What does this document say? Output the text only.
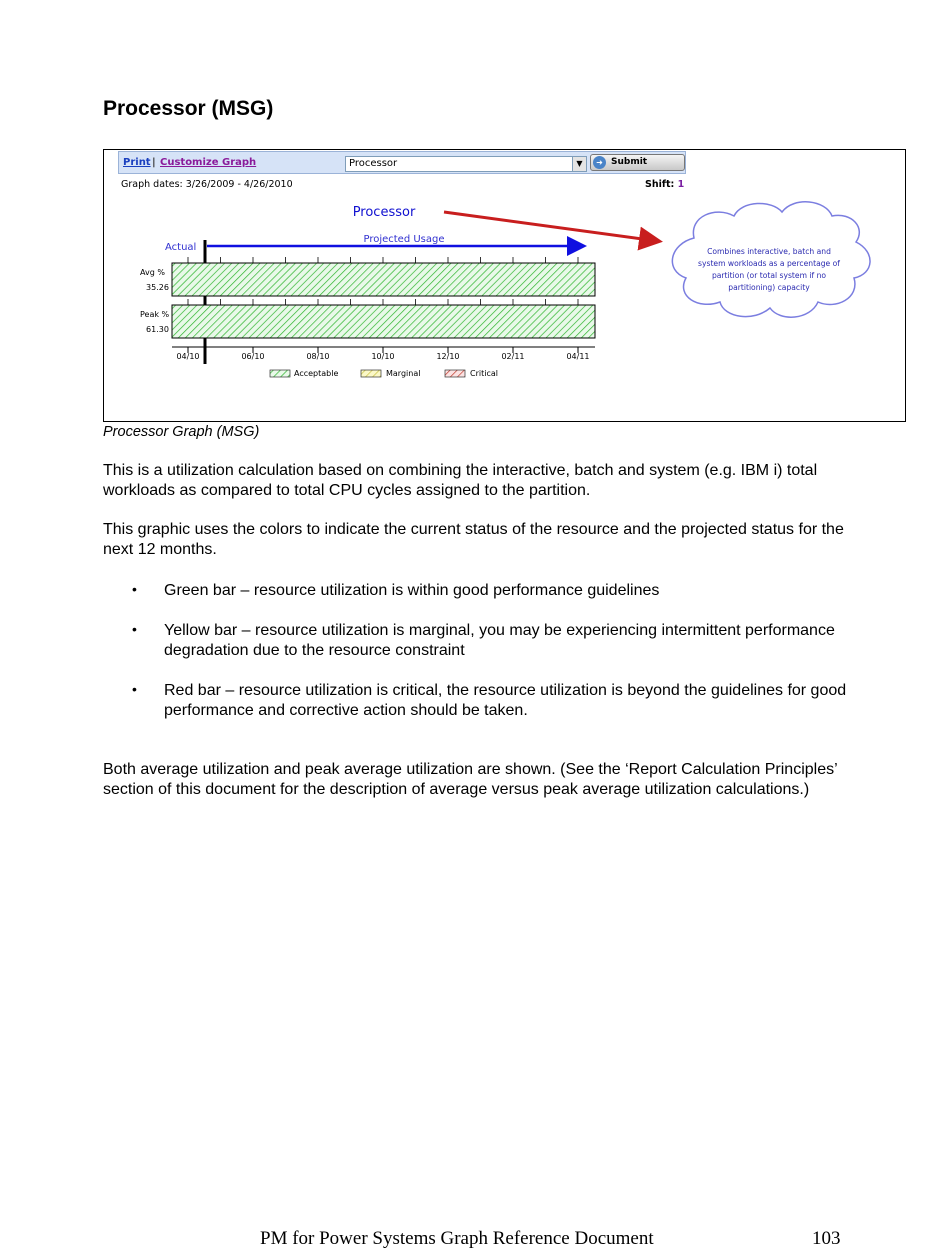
Processor (MSG)
Print | Customize Graph	Processor	▼	➜ Submit
Graph dates: 3/26/2009 - 4/26/2010	Shift: 1
Processor
Actual
Projected Usage
Avg %
35.26
Peak %
61.30
04/10	06/10	08/10	10/10	12/10	02/11	04/11
Acceptable	Marginal	Critical
Combines interactive, batch and system workloads as a percentage of partition (or total system if no partitioning) capacity

Processor Graph (MSG)

This is a utilization calculation based on combining the interactive, batch and system (e.g. IBM i) total workloads as compared to total CPU cycles assigned to the partition.

This graphic uses the colors to indicate the current status of the resource and the projected status for the next 12 months.

• Green bar – resource utilization is within good performance guidelines

• Yellow bar – resource utilization is marginal, you may be experiencing intermittent performance degradation due to the resource constraint

• Red bar – resource utilization is critical, the resource utilization is beyond the guidelines for good performance and corrective action should be taken.

Both average utilization and peak average utilization are shown. (See the ‘Report Calculation Principles’ section of this document for the description of average versus peak average utilization calculations.)

PM for Power Systems Graph Reference Document	103
